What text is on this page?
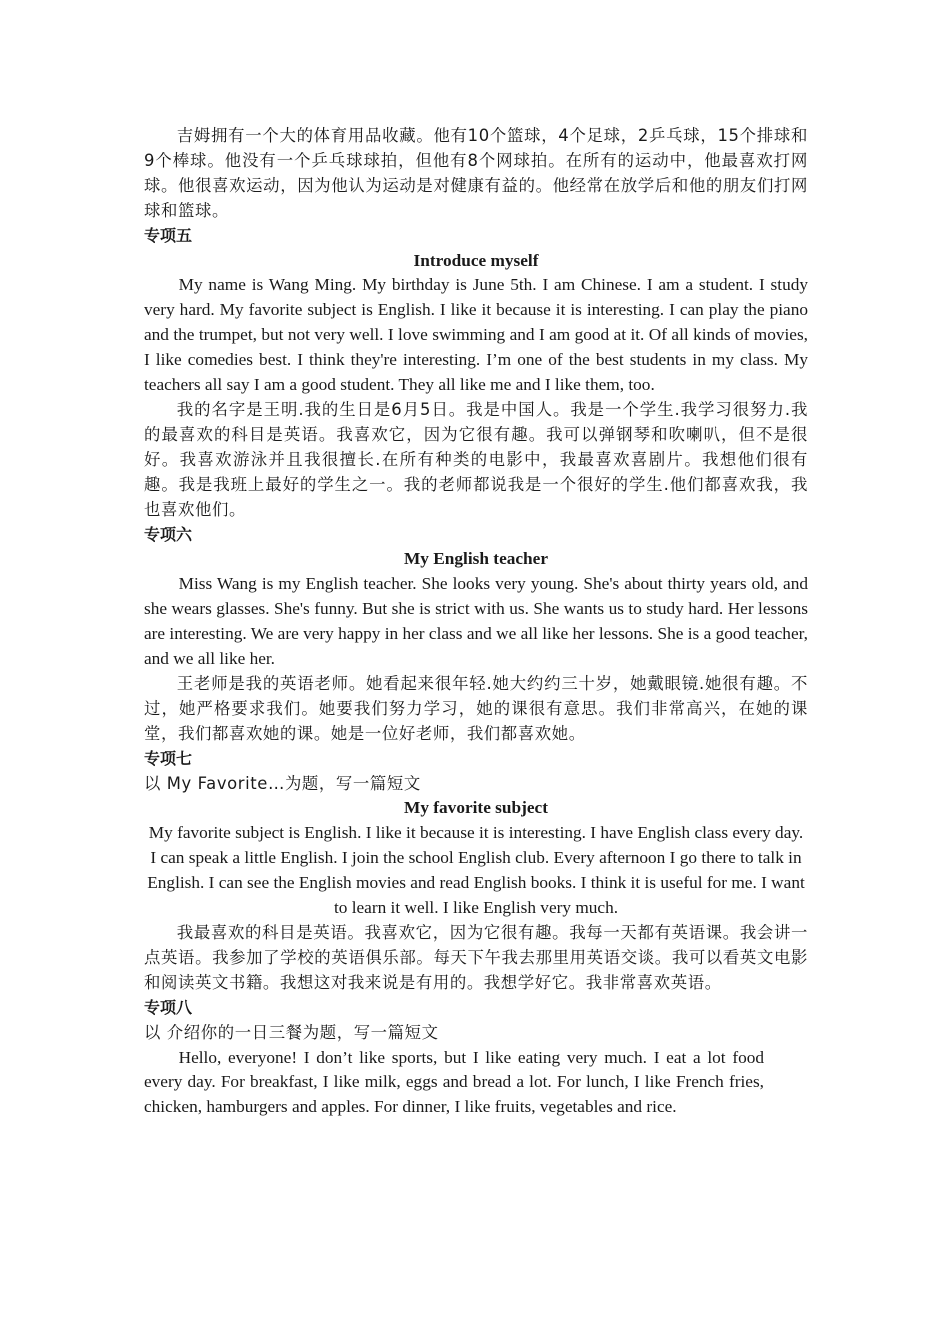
吉姆拥有一个大的体育用品收藏。他有10个篮球，4个足球，2乒乓球，15个排球和9个棒球。他没有一个乒乓球球拍，但他有8个网球拍。在所有的运动中，他最喜欢打网球。他很喜欢运动，因为他认为运动是对健康有益的。他经常在放学后和他的朋友们打网球和篮球。

专项五

Introduce myself

My name is Wang Ming. My birthday is June 5th. I am Chinese. I am a student. I study very hard. My favorite subject is English. I like it because it is interesting. I can play the piano and the trumpet, but not very well. I love swimming and I am good at it. Of all kinds of movies, I like comedies best. I think they're interesting. I’m one of the best students in my class. My teachers all say I am a good student. They all like me and I like them, too.

我的名字是王明.我的生日是6月5日。我是中国人。我是一个学生.我学习很努力.我的最喜欢的科目是英语。我喜欢它，因为它很有趣。我可以弹钢琴和吹喇叭，但不是很好。我喜欢游泳并且我很擅长.在所有种类的电影中，我最喜欢喜剧片。我想他们很有趣。我是我班上最好的学生之一。我的老师都说我是一个很好的学生.他们都喜欢我，我也喜欢他们。

专项六

My English teacher

Miss Wang is my English teacher. She looks very young. She's about thirty years old, and she wears glasses. She's funny. But she is strict with us. She wants us to study hard. Her lessons are interesting. We are very happy in her class and we all like her lessons. She is a good teacher, and we all like her.

王老师是我的英语老师。她看起来很年轻.她大约约三十岁，她戴眼镜.她很有趣。不过，她严格要求我们。她要我们努力学习，她的课很有意思。我们非常高兴，在她的课堂，我们都喜欢她的课。她是一位好老师，我们都喜欢她。

专项七

以 My Favorite…为题，写一篇短文

My favorite subject

My favorite subject is English. I like it because it is interesting. I have English class every day. I can speak a little English. I join the school English club. Every afternoon I go there to talk in English. I can see the English movies and read English books. I think it is useful for me. I want to learn it well. I like English very much.

我最喜欢的科目是英语。我喜欢它，因为它很有趣。我每一天都有英语课。我会讲一点英语。我参加了学校的英语俱乐部。每天下午我去那里用英语交谈。我可以看英文电影和阅读英文书籍。我想这对我来说是有用的。我想学好它。我非常喜欢英语。

专项八

以 介绍你的一日三餐为题，写一篇短文

Hello, everyone! I don’t like sports, but I like eating very much. I eat a lot food every day. For breakfast, I like milk, eggs and bread a lot. For lunch, I like French fries, chicken, hamburgers and apples. For dinner, I like fruits, vegetables and rice.
